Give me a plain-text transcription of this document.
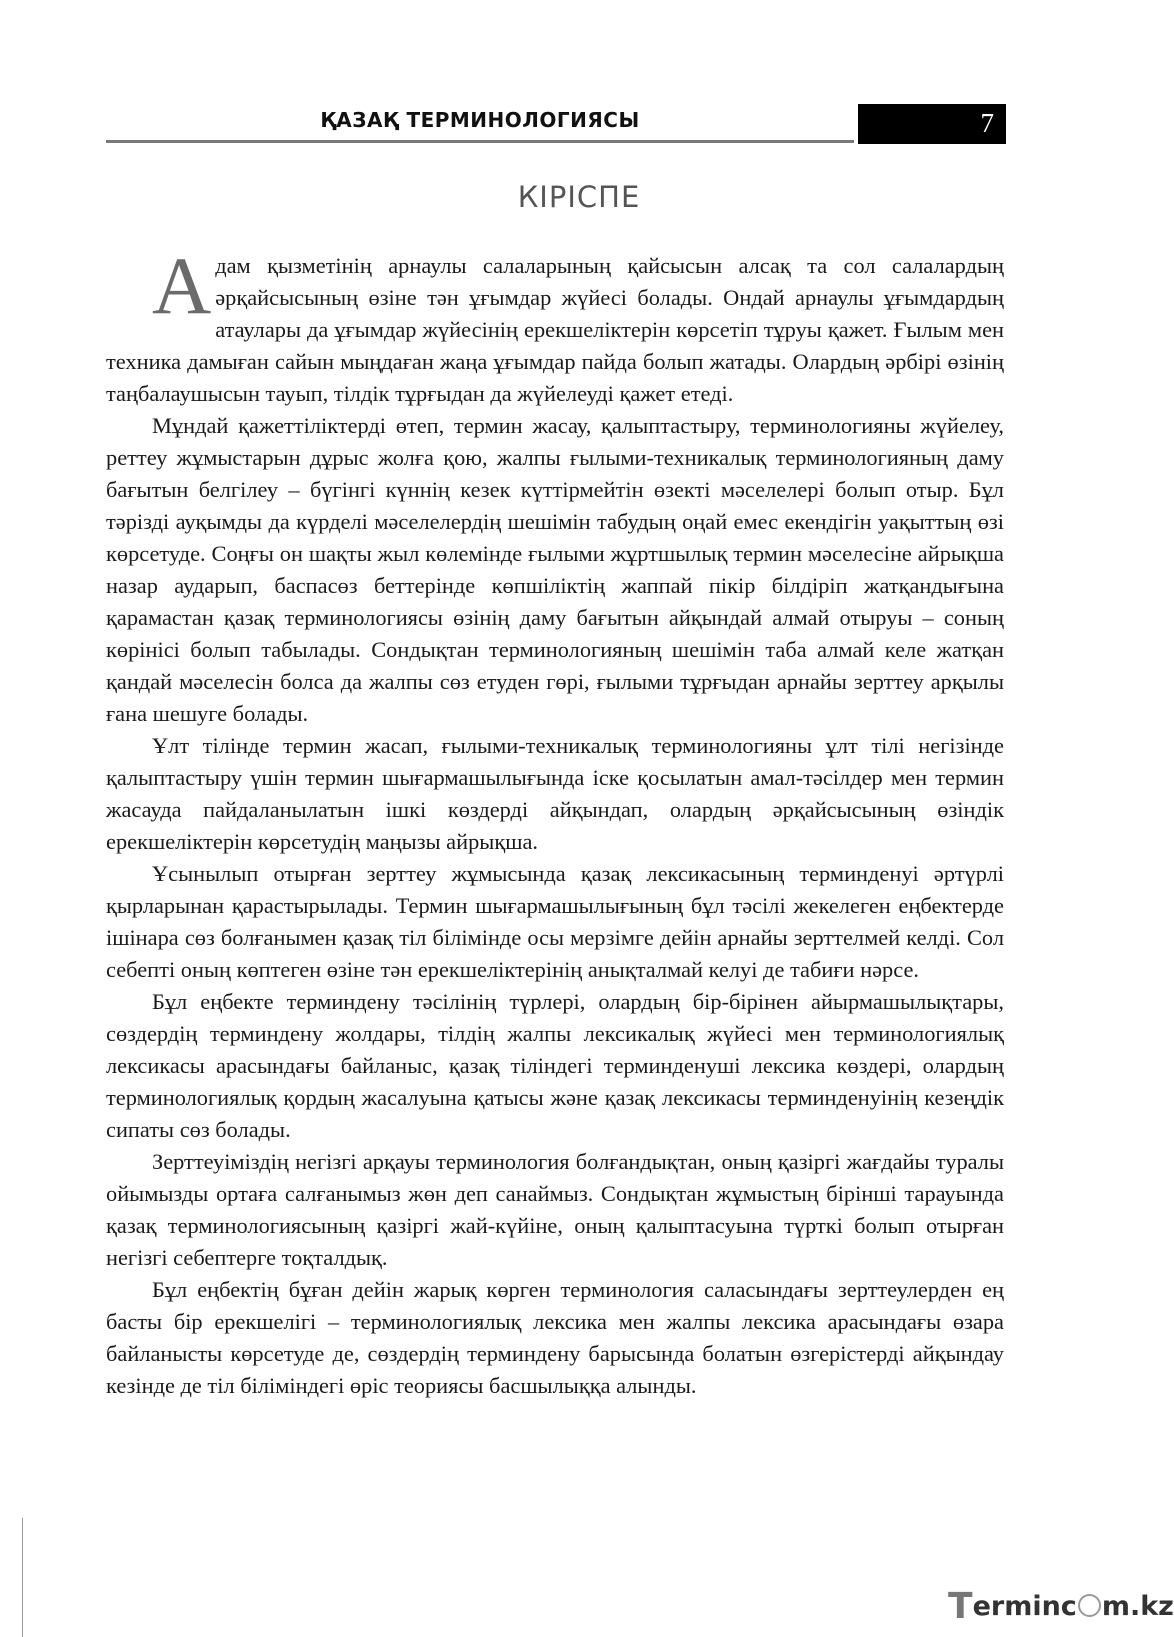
ҚАЗАҚ ТЕРМИНОЛОГИЯСЫ	7
КІРІСПЕ

Адам қызметінің арнаулы салаларының қайсысын алсақ та сол салалардың әрқайсысының өзіне тән ұғымдар жүйесі болады. Ондай арнаулы ұғымдардың атаулары да ұғымдар жүйесінің ерекшеліктерін көрсетіп тұруы қажет. Ғылым мен техника дамыған сайын мыңдаған жаңа ұғымдар пайда болып жатады. Олардың әрбірі өзінің таңбалаушысын тауып, тілдік тұрғыдан да жүйелеуді қажет етеді.

Мұндай қажеттіліктерді өтеп, термин жасау, қалыптастыру, терминологияны жүйелеу, реттеу жұмыстарын дұрыс жолға қою, жалпы ғылыми-техникалық терминологияның даму бағытын белгілеу – бүгінгі күннің кезек күттірмейтін өзекті мәселелері болып отыр. Бұл тәрізді ауқымды да күрделі мәселелердің шешімін табудың оңай емес екендігін уақыттың өзі көрсетуде. Соңғы он шақты жыл көлемінде ғылыми жұртшылық термин мәселесіне айрықша назар аударып, баспасөз беттерінде көпшіліктің жаппай пікір білдіріп жатқандығына қарамастан қазақ терминологиясы өзінің даму бағытын айқындай алмай отыруы – соның көрінісі болып табылады. Сондықтан терминологияның шешімін таба алмай келе жатқан қандай мәселесін болса да жалпы сөз етуден гөрі, ғылыми тұрғыдан арнайы зерттеу арқылы ғана шешуге болады.

Ұлт тілінде термин жасап, ғылыми-техникалық терминологияны ұлт тілі негізінде қалыптастыру үшін термин шығармашылығында іске қосылатын амал-тәсілдер мен термин жасауда пайдаланылатын ішкі көздерді айқындап, олардың әрқайсысының өзіндік ерекшеліктерін көрсетудің маңызы айрықша.

Ұсынылып отырған зерттеу жұмысында қазақ лексикасының терминденуі әртүрлі қырларынан қарастырылады. Термин шығармашылығының бұл тәсілі жекелеген еңбектерде ішінара сөз болғанымен қазақ тіл білімінде осы мерзімге дейін арнайы зерттелмей келді. Сол себепті оның көптеген өзіне тән ерекшеліктерінің анықталмай келуі де табиғи нәрсе.

Бұл еңбекте терминдену тәсілінің түрлері, олардың бір-бірінен айырмашылықтары, сөздердің терминдену жолдары, тілдің жалпы лексикалық жүйесі мен терминологиялық лексикасы арасындағы байланыс, қазақ тіліндегі терминденуші лексика көздері, олардың терминологиялық қордың жасалуына қатысы және қазақ лексикасы терминденуінің кезеңдік сипаты сөз болады.

Зерттеуіміздің негізгі арқауы терминология болғандықтан, оның қазіргі жағдайы туралы ойымызды ортаға салғанымыз жөн деп санаймыз. Сондықтан жұмыстың бірінші тарауында қазақ терминологиясының қазіргі жай-күйіне, оның қалыптасуына түрткі болып отырған негізгі себептерге тоқталдық.

Бұл еңбектің бұған дейін жарық көрген терминология саласындағы зерттеулерден ең басты бір ерекшелігі – терминологиялық лексика мен жалпы лексика арасындағы өзара байланысты көрсетуде де, сөздердің терминдену барысында болатын өзгерістерді айқындау кезінде де тіл біліміндегі өріс теориясы басшылыққа алынды.

Terminc m.kz
